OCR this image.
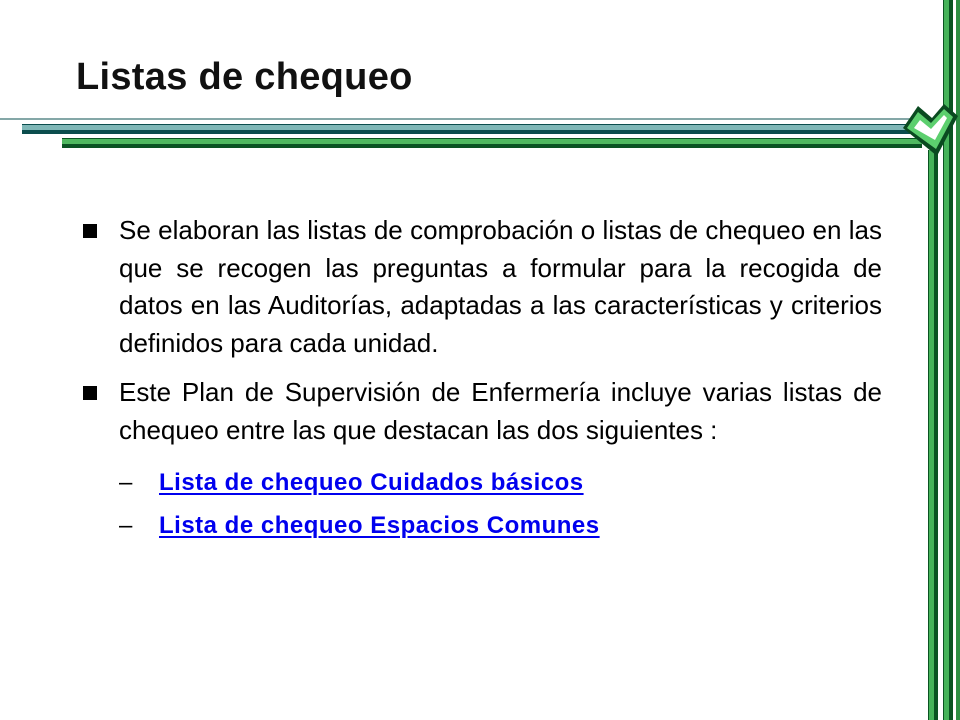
Listas de chequeo
Se elaboran las listas de comprobación o listas de chequeo en las que se recogen las preguntas a formular para la recogida de datos en las Auditorías, adaptadas a las características y criterios definidos para cada unidad.
Este Plan de Supervisión de Enfermería incluye varias listas de chequeo entre las que destacan las dos siguientes :
– Lista de chequeo Cuidados básicos
– Lista de chequeo Espacios Comunes
